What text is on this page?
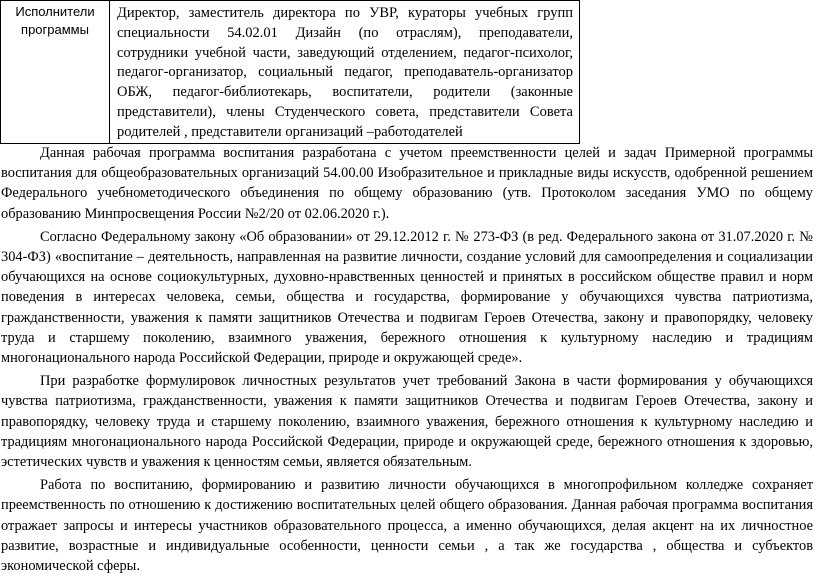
Исполнители программы	Директор, заместитель директора по УВР, кураторы учебных групп специальности 54.02.01 Дизайн (по отраслям), преподаватели, сотрудники учебной части, заведующий отделением, педагог-психолог, педагог-организатор, социальный педагог, преподаватель-организатор ОБЖ, педагог-библиотекарь, воспитатели, родители (законные представители), члены Студенческого совета, представители Совета родителей , представители организаций –работодателей

Данная рабочая программа воспитания разработана с учетом преемственности целей и задач Примерной программы воспитания для общеобразовательных организаций 54.00.00 Изобразительное и прикладные виды искусств, одобренной решением Федерального учебнометодического объединения по общему образованию (утв. Протоколом заседания УМО по общему образованию Минпросвещения России №2/20 от 02.06.2020 г.).

Согласно Федеральному закону «Об образовании» от 29.12.2012 г. № 273-ФЗ (в ред. Федерального закона от 31.07.2020 г. № 304-ФЗ) «воспитание – деятельность, направленная на развитие личности, создание условий для самоопределения и социализации обучающихся на основе социокультурных, духовно-нравственных ценностей и принятых в российском обществе правил и норм поведения в интересах человека, семьи, общества и государства, формирование у обучающихся чувства патриотизма, гражданственности, уважения к памяти защитников Отечества и подвигам Героев Отечества, закону и правопорядку, человеку труда и старшему поколению, взаимного уважения, бережного отношения к культурному наследию и традициям многонационального народа Российской Федерации, природе и окружающей среде».

При разработке формулировок личностных результатов учет требований Закона в части формирования у обучающихся чувства патриотизма, гражданственности, уважения к памяти защитников Отечества и подвигам Героев Отечества, закону и правопорядку, человеку труда и старшему поколению, взаимного уважения, бережного отношения к культурному наследию и традициям многонационального народа Российской Федерации, природе и окружающей среде, бережного отношения к здоровью, эстетических чувств и уважения к ценностям семьи, является обязательным.

Работа по воспитанию, формированию и развитию личности обучающихся в многопрофильном колледже сохраняет преемственность по отношению к достижению воспитательных целей общего образования. Данная рабочая программа воспитания отражает запросы и интересы участников образовательного процесса, а именно обучающихся, делая акцент на их личностное развитие, возрастные и индивидуальные особенности, ценности семьи , а так же государства , общества и субъектов экономической сферы.
